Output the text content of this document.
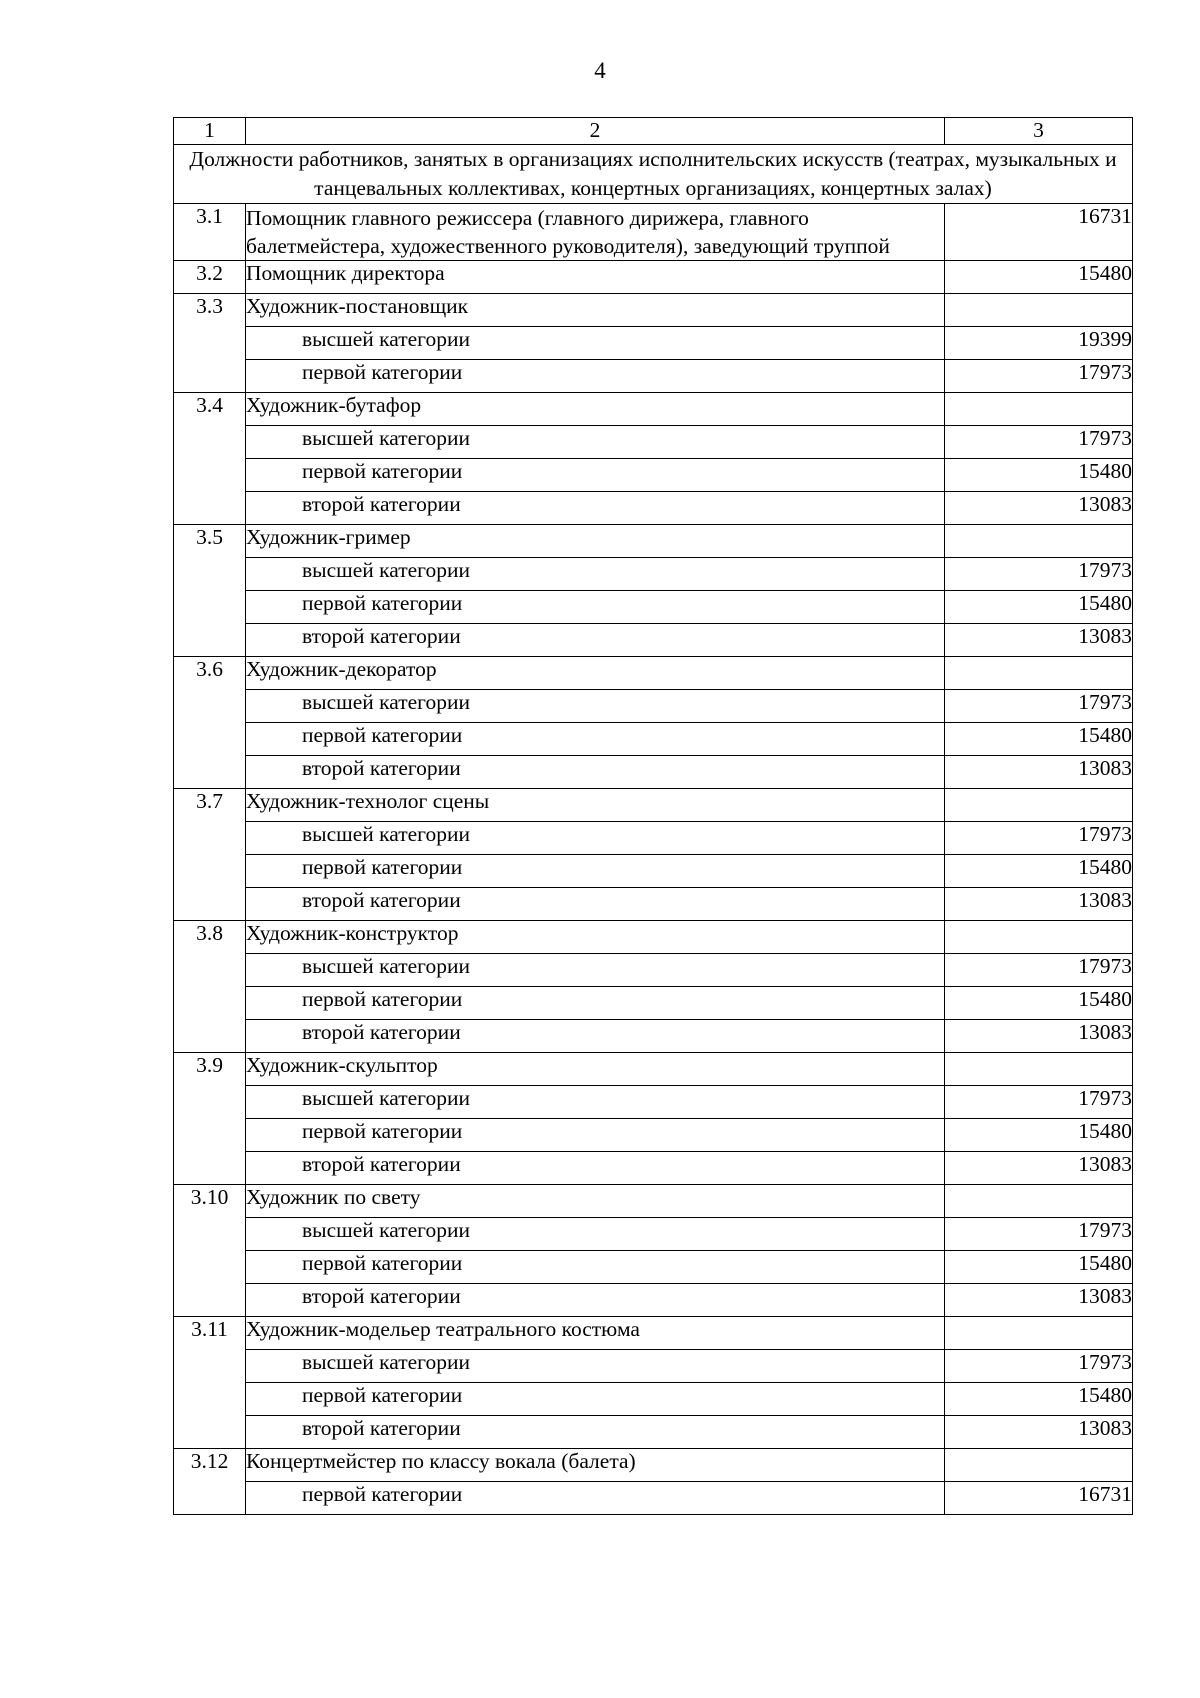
4
1	2	3
Должности работников, занятых в организациях исполнительских искусств (театрах, музыкальных и танцевальных коллективах, концертных организациях, концертных залах)		
3.1	Помощник главного режиссера (главного дирижера, главного балетмейстера, художественного руководителя), заведующий труппой	16731
3.2	Помощник директора	15480
3.3	Художник-постановщик	
	высшей категории	19399
	первой категории	17973
3.4	Художник-бутафор	
	высшей категории	17973
	первой категории	15480
	второй категории	13083
3.5	Художник-гример	
	высшей категории	17973
	первой категории	15480
	второй категории	13083
3.6	Художник-декоратор	
	высшей категории	17973
	первой категории	15480
	второй категории	13083
3.7	Художник-технолог сцены	
	высшей категории	17973
	первой категории	15480
	второй категории	13083
3.8	Художник-конструктор	
	высшей категории	17973
	первой категории	15480
	второй категории	13083
3.9	Художник-скульптор	
	высшей категории	17973
	первой категории	15480
	второй категории	13083
3.10	Художник по свету	
	высшей категории	17973
	первой категории	15480
	второй категории	13083
3.11	Художник-модельер театрального костюма	
	высшей категории	17973
	первой категории	15480
	второй категории	13083
3.12	Концертмейстер по классу вокала (балета)	
	первой категории	16731
